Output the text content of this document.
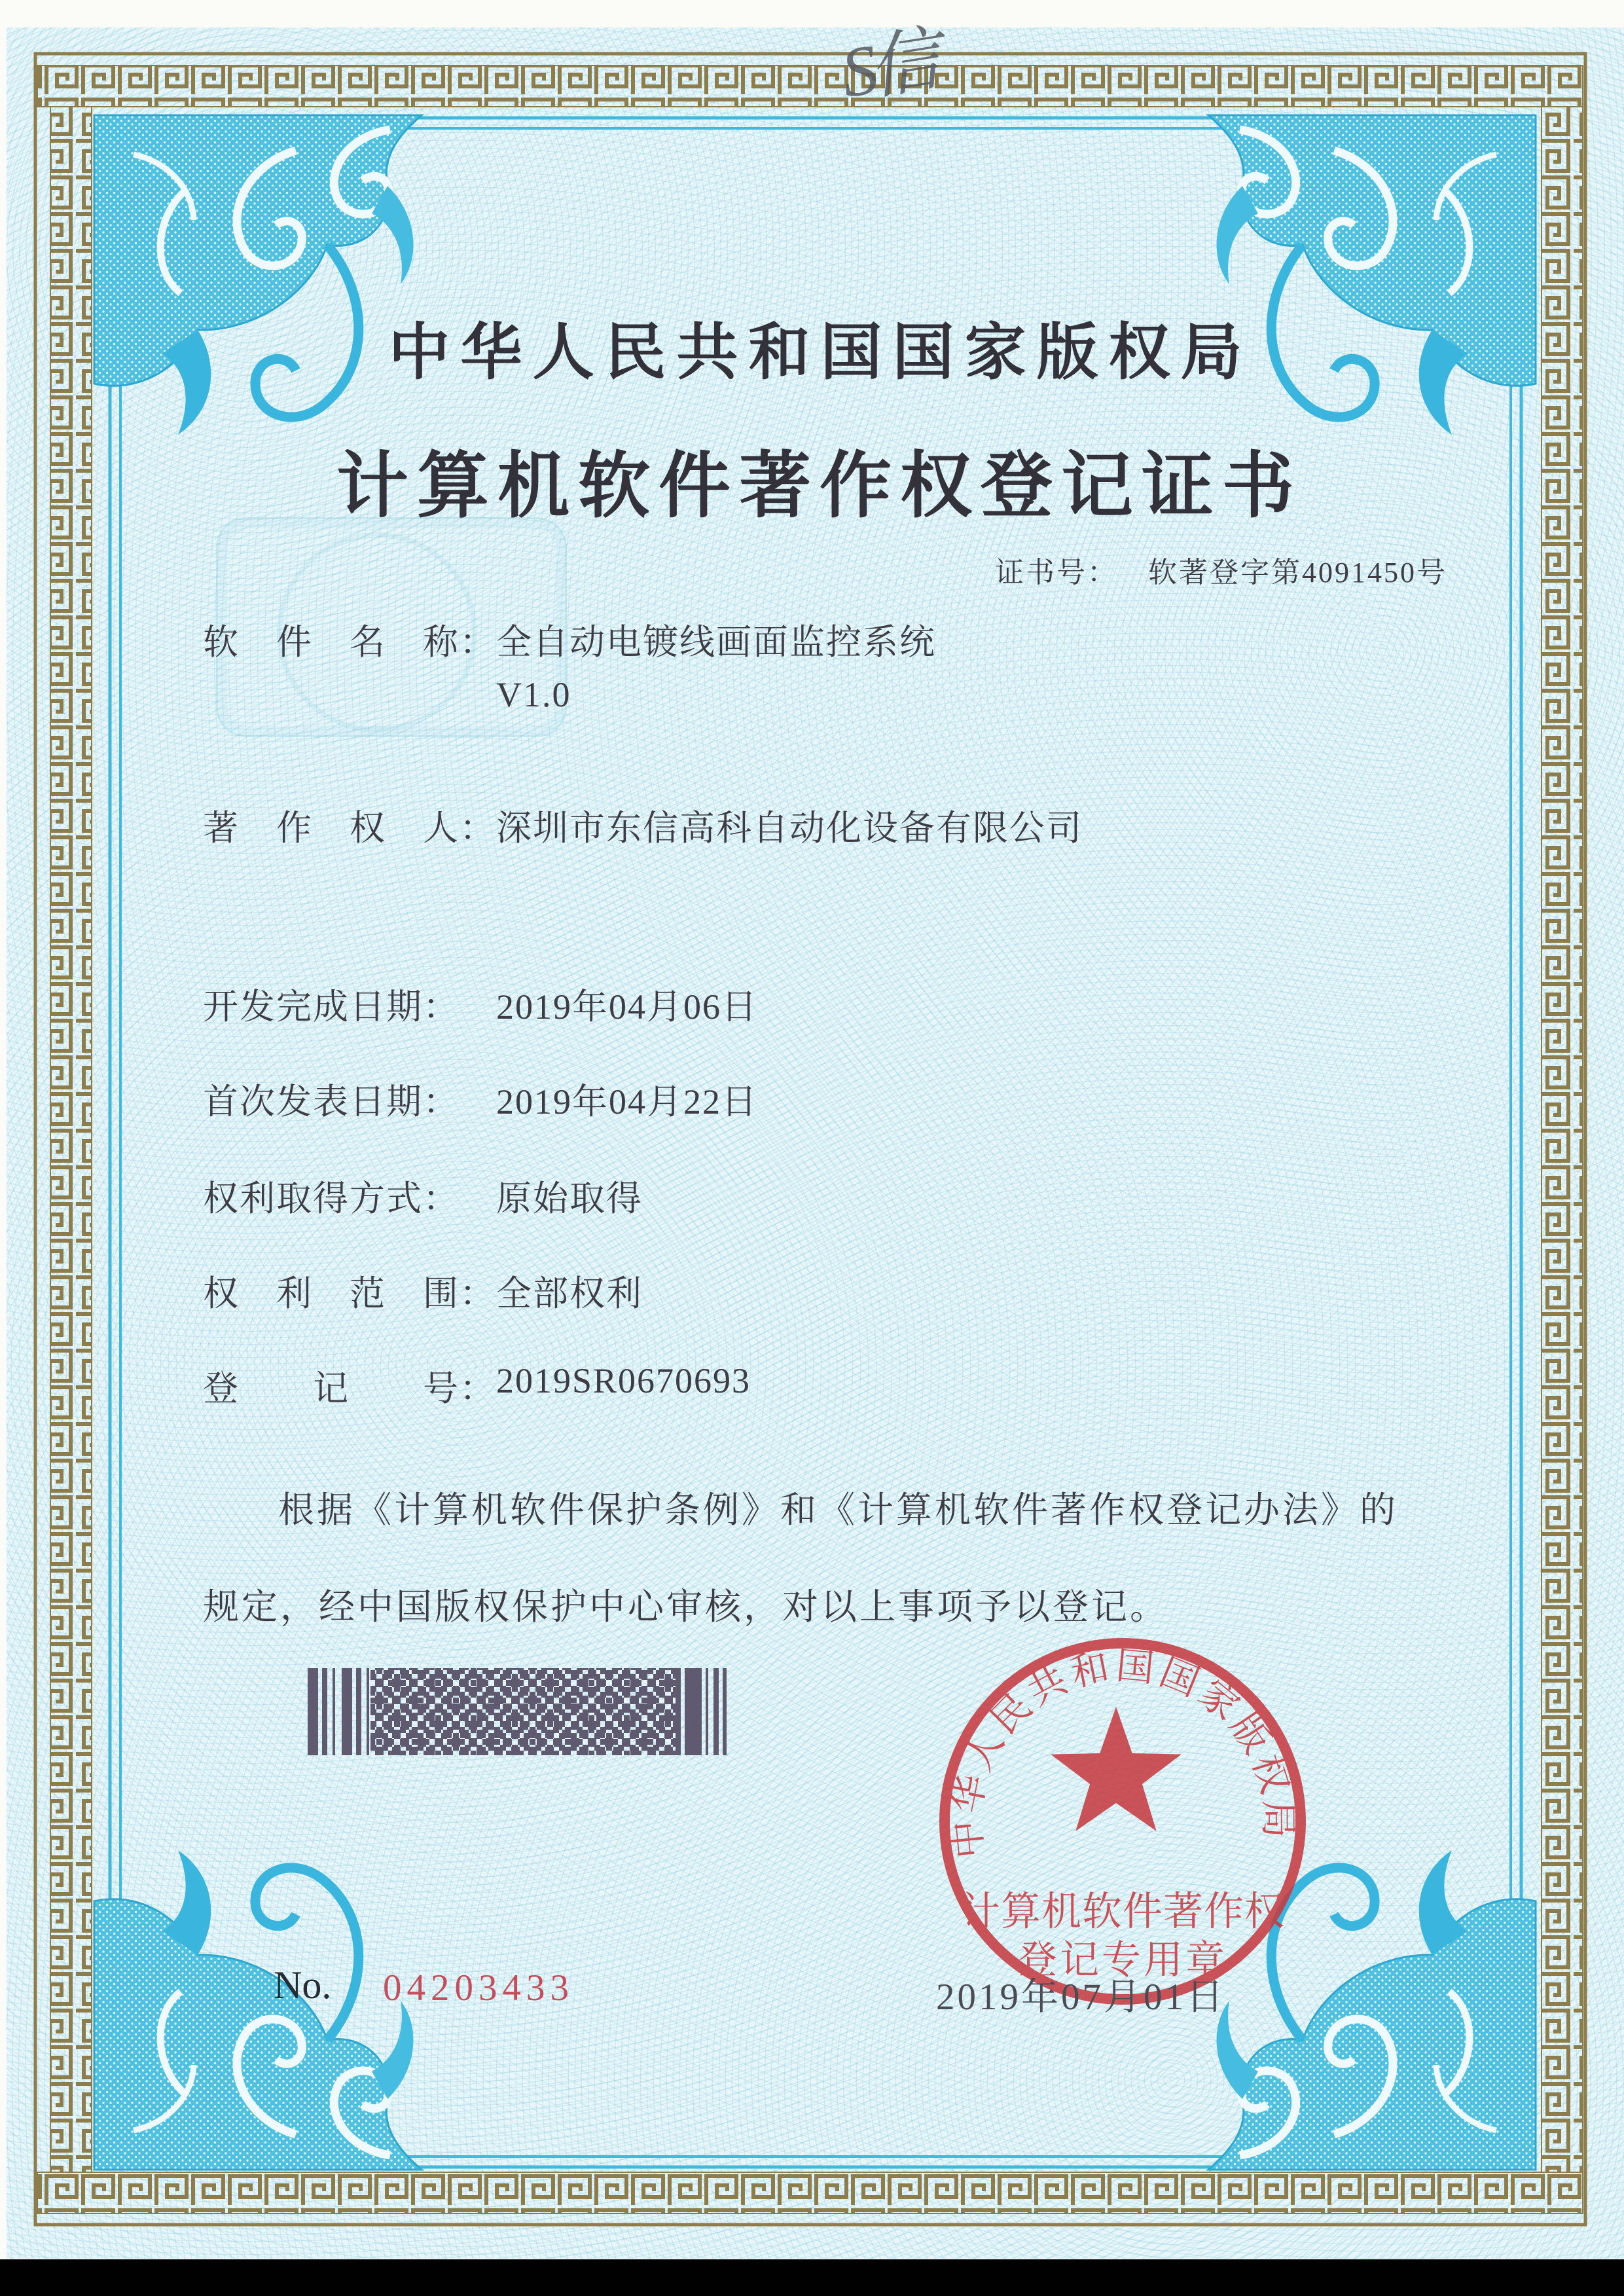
中华人民共和国国家版权局
计算机软件著作权
登记专用章
中华人民共和国国家版权局
计算机软件著作权登记证书
证书号： 软著登字第4091450号
软　件　名　称：全自动电镀线画面监控系统
V1.0
著　作　权　人：深圳市东信高科自动化设备有限公司
开发完成日期： 2019年04月06日
首次发表日期： 2019年04月22日
权利取得方式： 原始取得
权　利　范　围：全部权利
登　　记　　号：2019SR0670693
根据《计算机软件保护条例》和《计算机软件著作权登记办法》的
规定，经中国版权保护中心审核，对以上事项予以登记。
2019年07月01日
No. 04203433
S信
